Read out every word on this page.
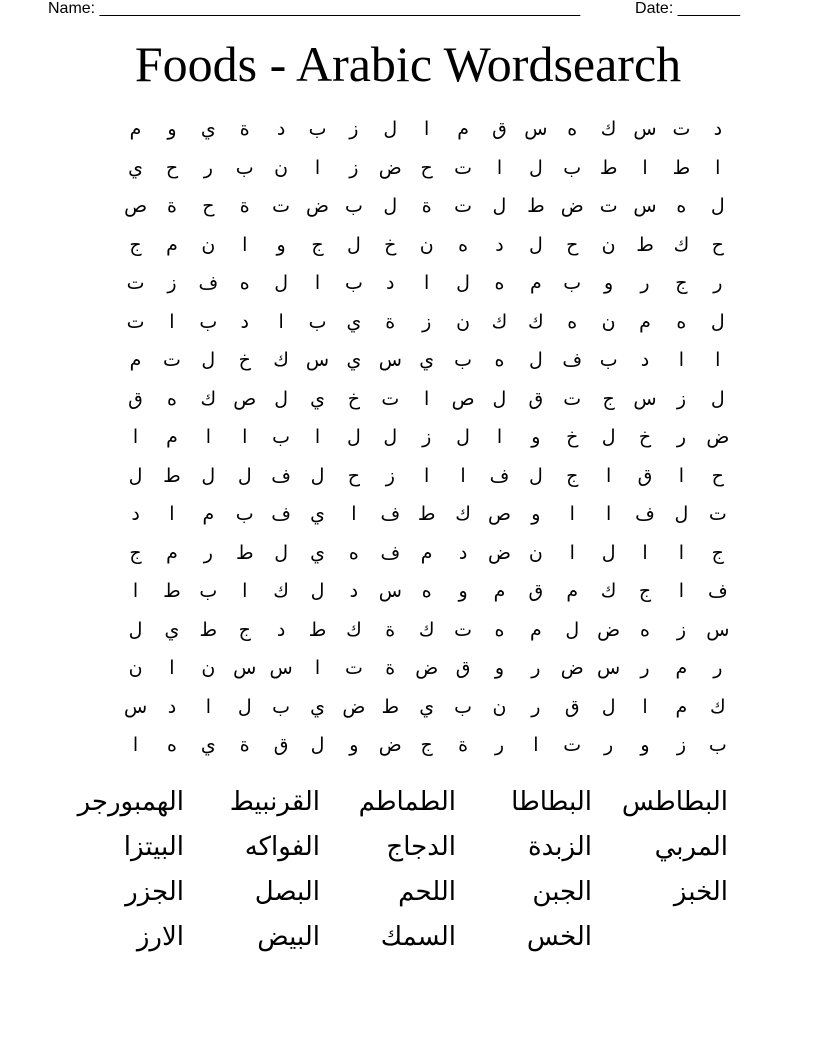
Name: ______________________________________________________	Date: _______
Foods - Arabic Wordsearch
د
ت
س
ك
ه
س
ق
م
ا
ل
ز
ب
د
ة
ي
و
م
ا
ط
ا
ط
ب
ل
ا
ت
ح
ض
ز
ا
ن
ب
ر
ح
ي
ل
ه
س
ت
ض
ط
ل
ت
ة
ل
ب
ض
ت
ة
ح
ة
ص
ح
ك
ط
ن
ح
ل
د
ه
ن
خ
ل
ج
و
ا
ن
م
ج
ر
ج
ر
و
ب
م
ه
ل
ا
د
ب
ا
ل
ه
ف
ز
ت
ل
ه
م
ن
ه
ك
ك
ن
ز
ة
ي
ب
ا
د
ب
ا
ت
ا
ا
د
ب
ف
ل
ه
ب
ي
س
ي
س
ك
خ
ل
ت
م
ل
ز
س
ج
ت
ق
ل
ص
ا
ت
خ
ي
ل
ص
ك
ه
ق
ض
ر
خ
ل
خ
و
ا
ل
ز
ل
ل
ا
ب
ا
ا
م
ا
ح
ا
ق
ا
ج
ل
ف
ا
ا
ز
ح
ل
ف
ل
ل
ط
ل
ت
ل
ف
ا
ا
و
ص
ك
ط
ف
ا
ي
ف
ب
م
ا
د
ج
ا
ا
ل
ا
ن
ض
د
م
ف
ه
ي
ل
ط
ر
م
ج
ف
ا
ج
ك
م
ق
م
و
ه
س
د
ل
ك
ا
ب
ط
ا
س
ز
ه
ض
ل
م
ه
ت
ك
ة
ك
ط
د
ج
ط
ي
ل
ر
م
ر
س
ض
ر
و
ق
ض
ة
ت
ا
س
س
ن
ا
ن
ك
م
ا
ل
ق
ر
ن
ب
ي
ط
ض
ي
ب
ل
ا
د
س
ب
ز
و
ر
ت
ا
ر
ة
ج
ض
و
ل
ق
ة
ي
ه
ا
البطاطس
البطاطا
الطماطم
القرنبيط
الهمبورجر
المربي
الزبدة
الدجاج
الفواكه
البيتزا
الخبز
الجبن
اللحم
البصل
الجزر
الخس
السمك
البيض
الارز
